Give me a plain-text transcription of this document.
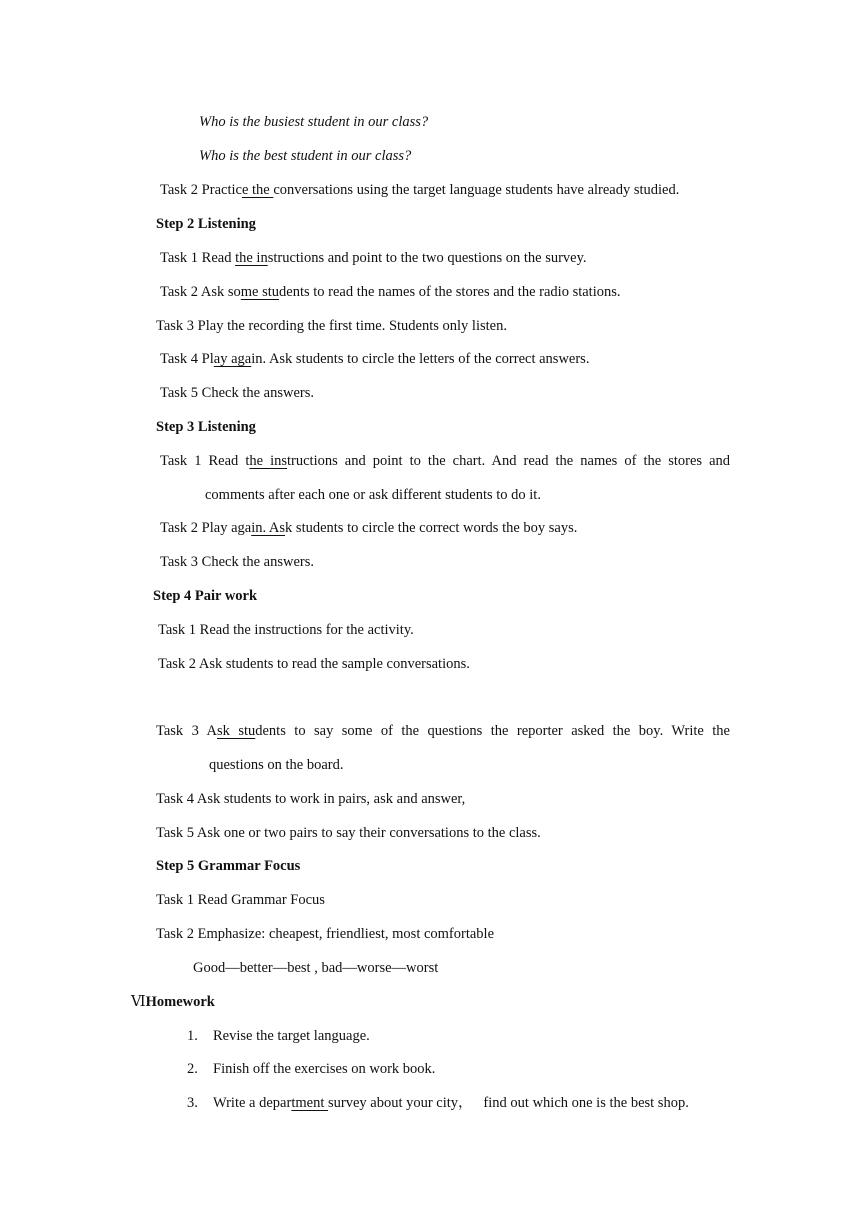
Who is the busiest student in our class?
Who is the best student in our class?
Task 2 Practice the conversations using the target language students have already studied.
Step 2 Listening
Task 1 Read the instructions and point to the two questions on the survey.
Task 2 Ask some students to read the names of the stores and the radio stations.
Task 3 Play the recording the first time. Students only listen.
Task 4 Play again. Ask students to circle the letters of the correct answers.
Task 5 Check the answers.
Step 3 Listening
Task 1 Read the instructions and point to the chart. And read the names of the stores and
comments after each one or ask different students to do it.
Task 2 Play again. Ask students to circle the correct words the boy says.
Task 3 Check the answers.
Step 4 Pair work
Task 1 Read the instructions for the activity.
Task 2 Ask students to read the sample conversations.
Task 3 Ask students to say some of the questions the reporter asked the boy. Write the
questions on the board.
Task 4 Ask students to work in pairs, ask and answer,
Task 5 Ask one or two pairs to say their conversations to the class.
Step 5 Grammar Focus
Task 1 Read Grammar Focus
Task 2 Emphasize: cheapest, friendliest, most comfortable
Good—better—best , bad—worse—worst
ⅥHomework
1. Revise the target language.
2. Finish off the exercises on work book.
3. Write a department survey about your city，   find out which one is the best shop.
